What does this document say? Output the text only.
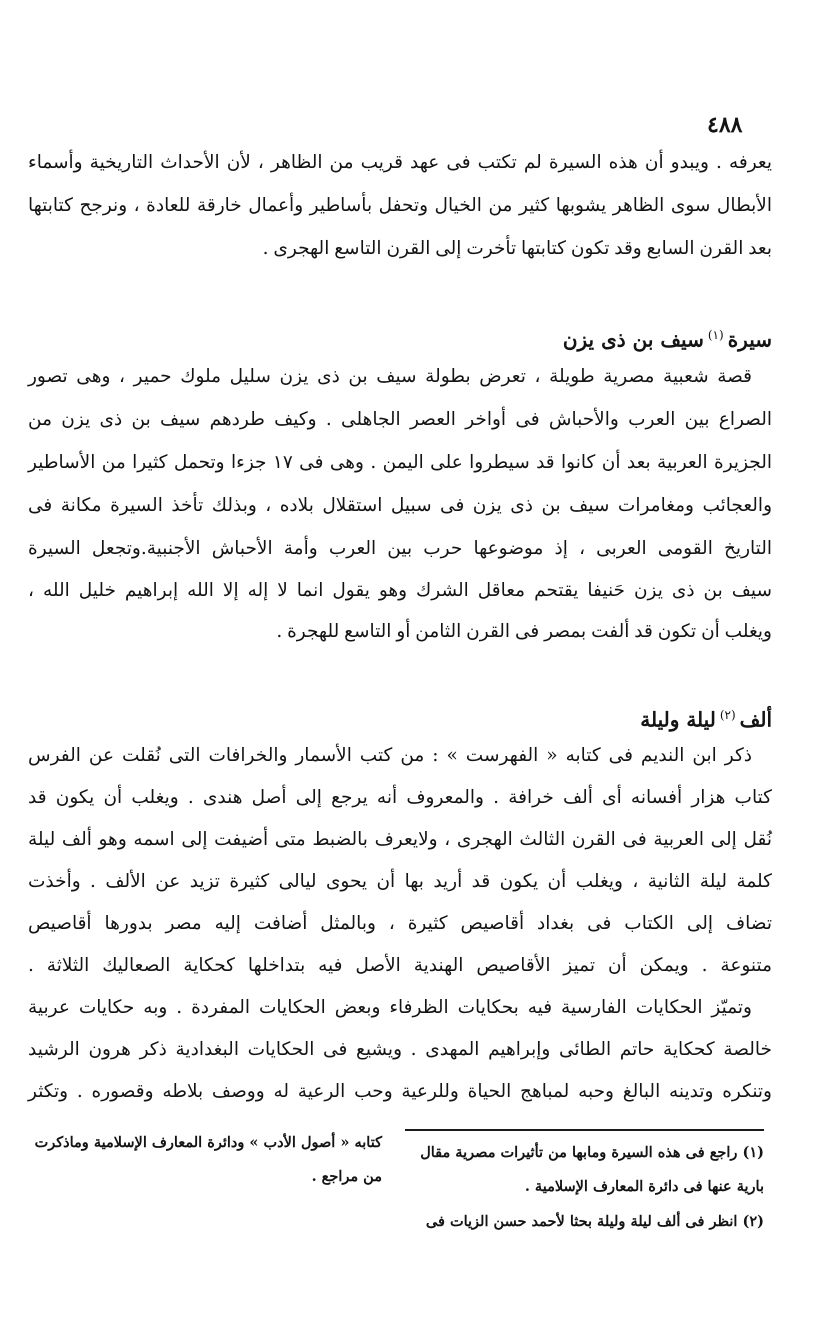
٤٨٨
يعرفه . ويبدو أن هذه السيرة لم تكتب فى عهد قريب من الظاهر ، لأن الأحداث التاريخية وأسماء
الأبطال سوى الظاهر يشوبها كثير من الخيال وتحفل بأساطير وأعمال خارقة للعادة ، ونرجح كتابتها
بعد القرن السابع وقد تكون كتابتها تأخرت إلى القرن التاسع الهجرى .
سيرة$^{(١)}$سيف بن ذى يزن
قصة شعبية مصرية طويلة ، تعرض بطولة سيف بن ذى يزن سليل ملوك حمير ، وهى تصور
الصراع بين العرب والأحباش فى أواخر العصر الجاهلى . وكيف طردهم سيف بن ذى يزن من
الجزيرة العربية بعد أن كانوا قد سيطروا على اليمن . وهى فى ١٧ جزءا وتحمل كثيرا من الأساطير
والعجائب ومغامرات سيف بن ذى يزن فى سبيل استقلال بلاده ، وبذلك تأخذ السيرة مكانة فى
التاريخ القومى العربى ، إذ موضوعها حرب بين العرب وأمة الأحباش الأجنبية.وتجعل السيرة
سيف بن ذى يزن حَنيفا يقتحم معاقل الشرك وهو يقول انما لا إله إلا الله إبراهيم خليل الله ،
ويغلب أن تكون قد ألفت بمصر فى القرن الثامن أو التاسع للهجرة .
ألف$^{(٢)}$ليلة وليلة
ذكر ابن النديم فى كتابه « الفهرست » : من كتب الأسمار والخرافات التى نُقلت عن الفرس
كتاب هزار أفسانه أى ألف خرافة . والمعروف أنه يرجع إلى أصل هندى . ويغلب أن يكون قد
نُقل إلى العربية فى القرن الثالث الهجرى ، ولايعرف بالضبط متى أضيفت إلى اسمه وهو ألف ليلة
كلمة ليلة الثانية ، ويغلب أن يكون قد أريد بها أن يحوى ليالى كثيرة تزيد عن الألف . وأخذت
تضاف إلى الكتاب فى بغداد أقاصيص كثيرة ، وبالمثل أضافت إليه مصر بدورها أقاصيص
متنوعة . ويمكن أن تميز الأقاصيص الهندية الأصل فيه بتداخلها كحكاية الصعاليك الثلاثة .
وتميّز الحكايات الفارسية فيه بحكايات الظرفاء وبعض الحكايات المفردة . وبه حكايات عربية
خالصة كحكاية حاتم الطائى وإبراهيم المهدى . ويشيع فى الحكايات البغدادية ذكر هرون الرشيد
وتنكره وتدينه البالغ وحبه لمباهج الحياة وللرعية وحب الرعية له ووصف بلاطه وقصوره . وتكثر
(١) راجع فى هذه السيرة ومابها من تأثيرات مصرية مقال
بارية عنها فى دائرة المعارف الإسلامية .
(٢) انظر فى ألف ليلة وليلة بحثا لأحمد حسن الزيات فى
كتابه « أصول الأدب » ودائرة المعارف الإسلامية وماذكرت
من مراجع .
